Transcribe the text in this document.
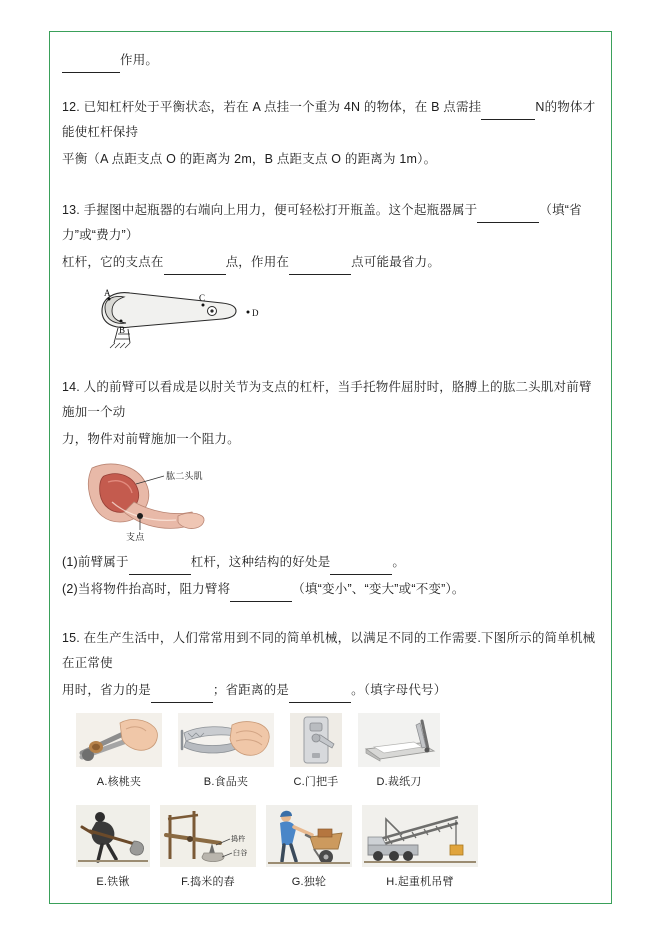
作用。

12. 已知杠杆处于平衡状态，若在 A 点挂一个重为 4N 的物体，在 B 点需挂	N的物体才能使杠杆保持

平衡（A 点距支点 O 的距离为 2m，B 点距支点 O 的距离为 1m）。

13. 手握图中起瓶器的右端向上用力，便可轻松打开瓶盖。这个起瓶器属于	（填“省力”或“费力”）

杠杆，它的支点在	点，作用在	点可能最省力。

A
B
C
D

14. 人的前臂可以看成是以肘关节为支点的杠杆，当手托物件屈肘时，胳膊上的肱二头肌对前臂施加一个动

力，物件对前臂施加一个阻力。

肱二头肌
支点

(1)前臂属于	杠杆，这种结构的好处是	。

(2)当将物件抬高时，阻力臂将	（填“变小”、“变大”或“不变”）。

15. 在生产生活中，人们常常用到不同的简单机械，以满足不同的工作需要.下图所示的简单机械在正常使

用时，省力的是	；省距离的是	。（填字母代号）

A.核桃夹	B.食品夹	C.门把手	D.裁纸刀
E.铁锹
捣杵
臼谷
F.捣米的舂	G.独轮	H.起重机吊臂
